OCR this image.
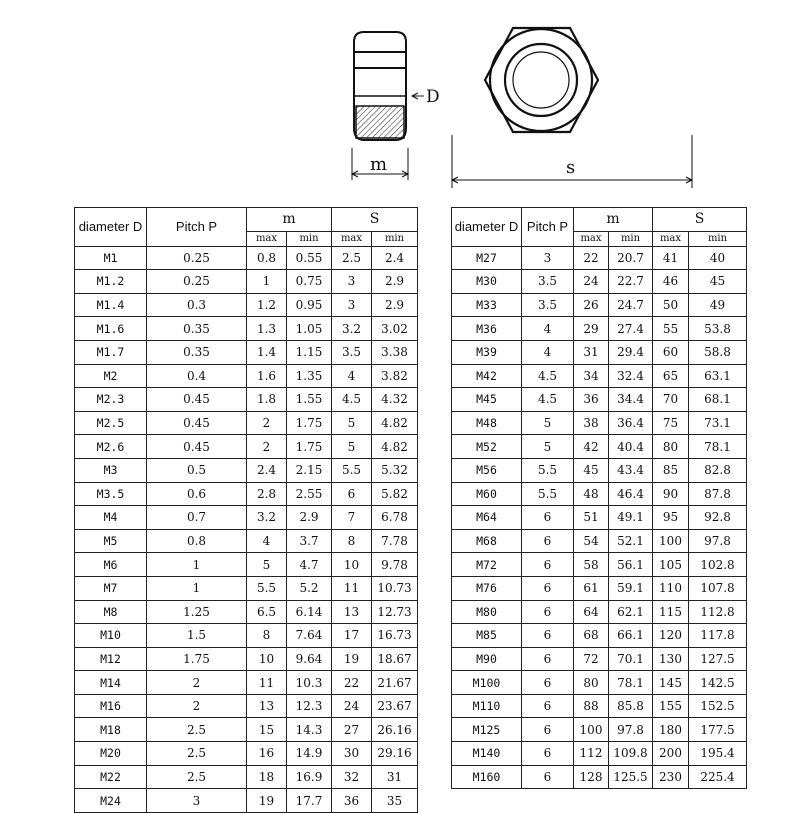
D
m	s
diameter D	Pitch P	m		S	
		max	min	max	min
M1	0.25	0.8	0.55	2.5	2.4
M1.2	0.25	1	0.75	3	2.9
M1.4	0.3	1.2	0.95	3	2.9
M1.6	0.35	1.3	1.05	3.2	3.02
M1.7	0.35	1.4	1.15	3.5	3.38
M2	0.4	1.6	1.35	4	3.82
M2.3	0.45	1.8	1.55	4.5	4.32
M2.5	0.45	2	1.75	5	4.82
M2.6	0.45	2	1.75	5	4.82
M3	0.5	2.4	2.15	5.5	5.32
M3.5	0.6	2.8	2.55	6	5.82
M4	0.7	3.2	2.9	7	6.78
M5	0.8	4	3.7	8	7.78
M6	1	5	4.7	10	9.78
M7	1	5.5	5.2	11	10.73
M8	1.25	6.5	6.14	13	12.73
M10	1.5	8	7.64	17	16.73
M12	1.75	10	9.64	19	18.67
M14	2	11	10.3	22	21.67
M16	2	13	12.3	24	23.67
M18	2.5	15	14.3	27	26.16
M20	2.5	16	14.9	30	29.16
M22	2.5	18	16.9	32	31
M24	3	19	17.7	36	35
diameter D	Pitch P	m		S	
		max	min	max	min
M27	3	22	20.7	41	40
M30	3.5	24	22.7	46	45
M33	3.5	26	24.7	50	49
M36	4	29	27.4	55	53.8
M39	4	31	29.4	60	58.8
M42	4.5	34	32.4	65	63.1
M45	4.5	36	34.4	70	68.1
M48	5	38	36.4	75	73.1
M52	5	42	40.4	80	78.1
M56	5.5	45	43.4	85	82.8
M60	5.5	48	46.4	90	87.8
M64	6	51	49.1	95	92.8
M68	6	54	52.1	100	97.8
M72	6	58	56.1	105	102.8
M76	6	61	59.1	110	107.8
M80	6	64	62.1	115	112.8
M85	6	68	66.1	120	117.8
M90	6	72	70.1	130	127.5
M100	6	80	78.1	145	142.5
M110	6	88	85.8	155	152.5
M125	6	100	97.8	180	177.5
M140	6	112	109.8	200	195.4
M160	6	128	125.5	230	225.4
